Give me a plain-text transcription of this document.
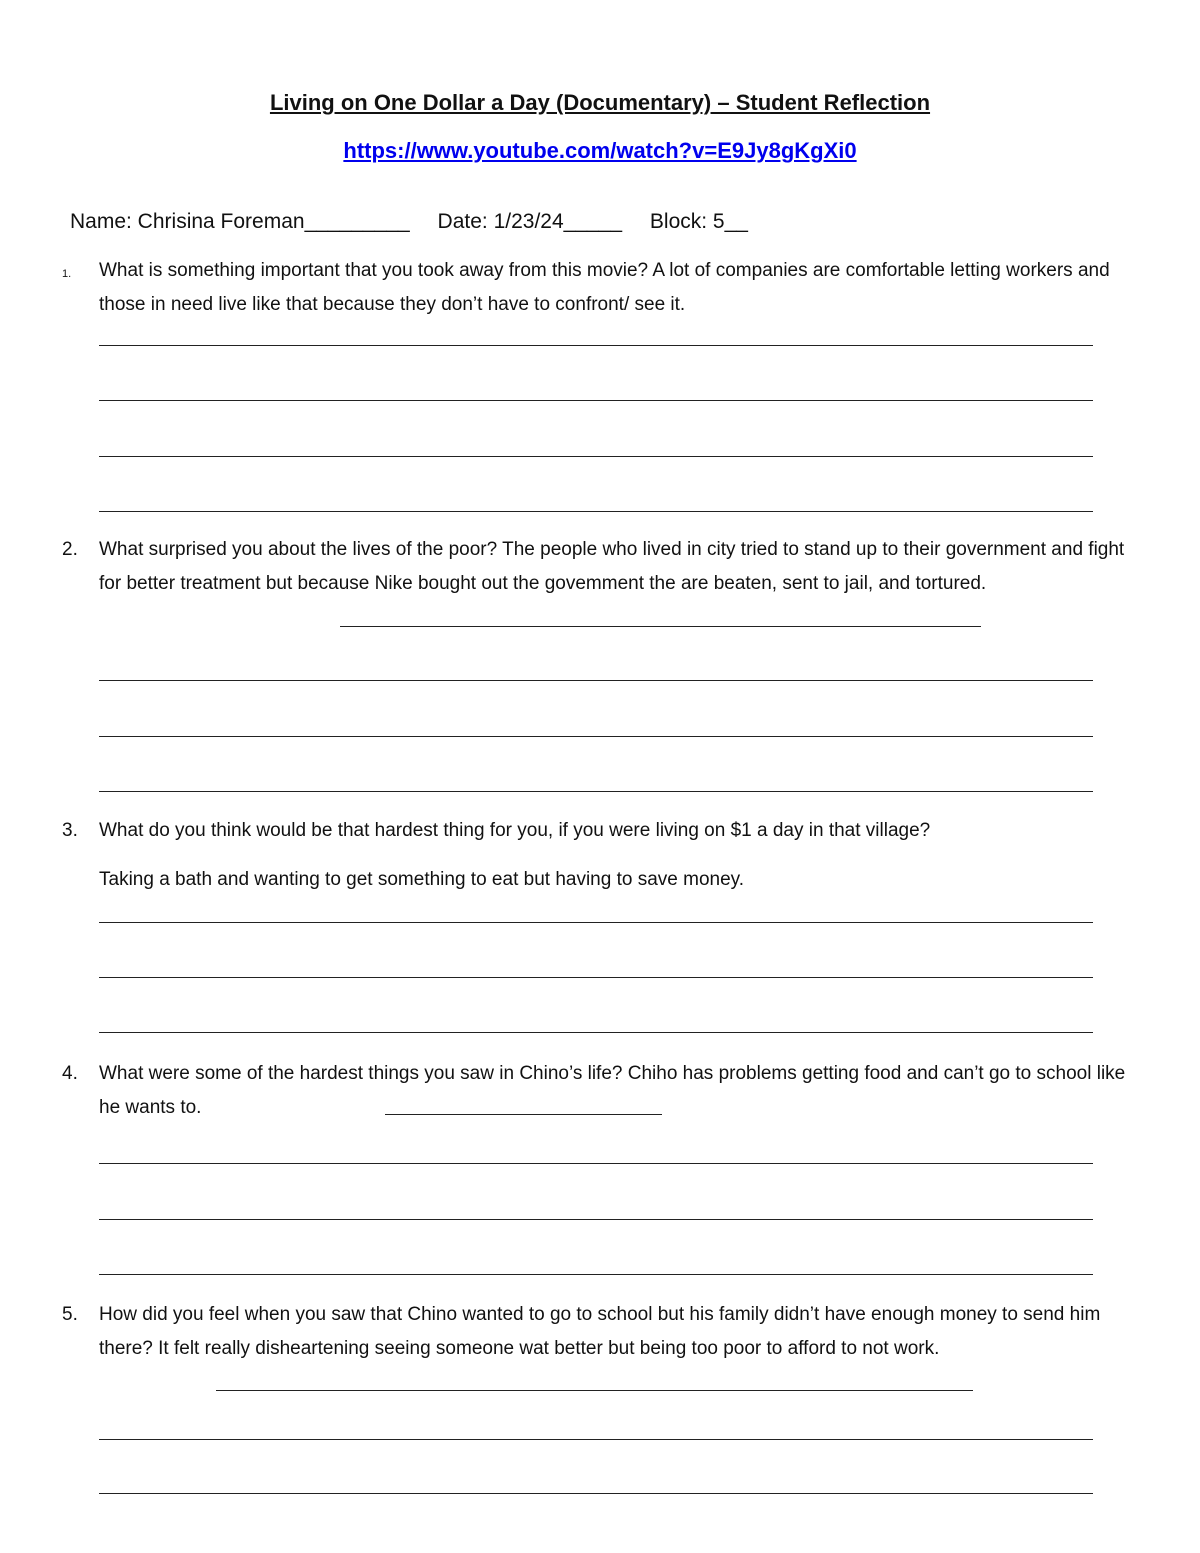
Living on One Dollar a Day (Documentary) – Student Reflection
https://www.youtube.com/watch?v=E9Jy8gKgXi0
Name: Chrisina Foreman_________ Date: 1/23/24_____ Block: 5__
1. What is something important that you took away from this movie? A lot of companies are comfortable letting workers and those in need live like that because they don’t have to confront/ see it.
2. What surprised you about the lives of the poor? The people who lived in city tried to stand up to their government and fight for better treatment but because Nike bought out the govemment the are beaten, sent to jail, and tortured.
3. What do you think would be that hardest thing for you, if you were living on $1 a day in that village?
Taking a bath and wanting to get something to eat but having to save money.
4. What were some of the hardest things you saw in Chino’s life? Chiho has problems getting food and can’t go to school like he wants to.
5. How did you feel when you saw that Chino wanted to go to school but his family didn’t have enough money to send him there? It felt really disheartening seeing someone wat better but being too poor to afford to not work.
